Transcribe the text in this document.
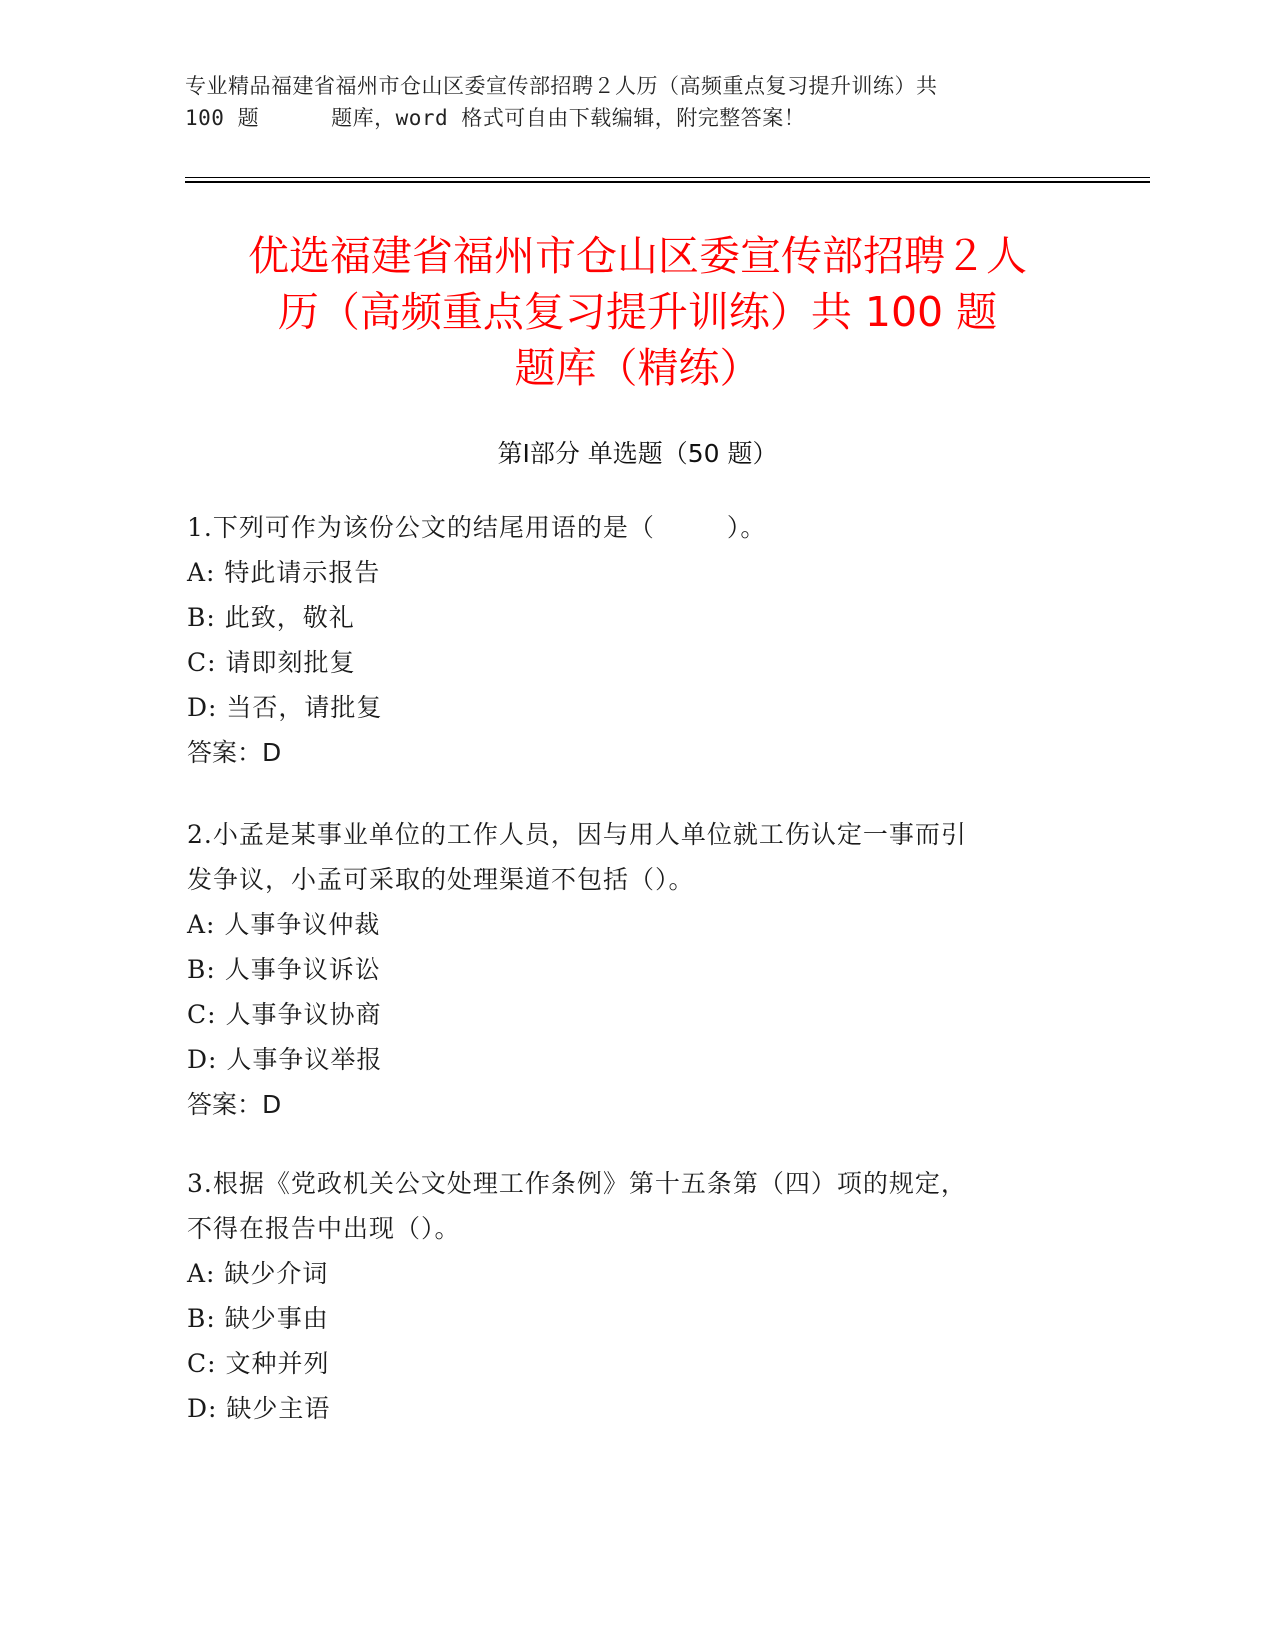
专业精品福建省福州市仓山区委宣传部招聘２人历（高频重点复习提升训练）共
100 题	题库，word 格式可自由下载编辑，附完整答案！
优选福建省福州市仓山区委宣传部招聘２人
历（高频重点复习提升训练）共 100 题
题库（精练）
第Ⅰ部分 单选题（50 题）
1.下列可作为该份公文的结尾用语的是（	）。
A: 特此请示报告
B: 此致，敬礼
C: 请即刻批复
D: 当否，请批复
答案：D
2.小孟是某事业单位的工作人员，因与用人单位就工伤认定一事而引
发争议，小孟可采取的处理渠道不包括（）。
A: 人事争议仲裁
B: 人事争议诉讼
C: 人事争议协商
D: 人事争议举报
答案：D
3.根据《党政机关公文处理工作条例》第十五条第（四）项的规定，
不得在报告中出现（）。
A: 缺少介词
B: 缺少事由
C: 文种并列
D: 缺少主语
